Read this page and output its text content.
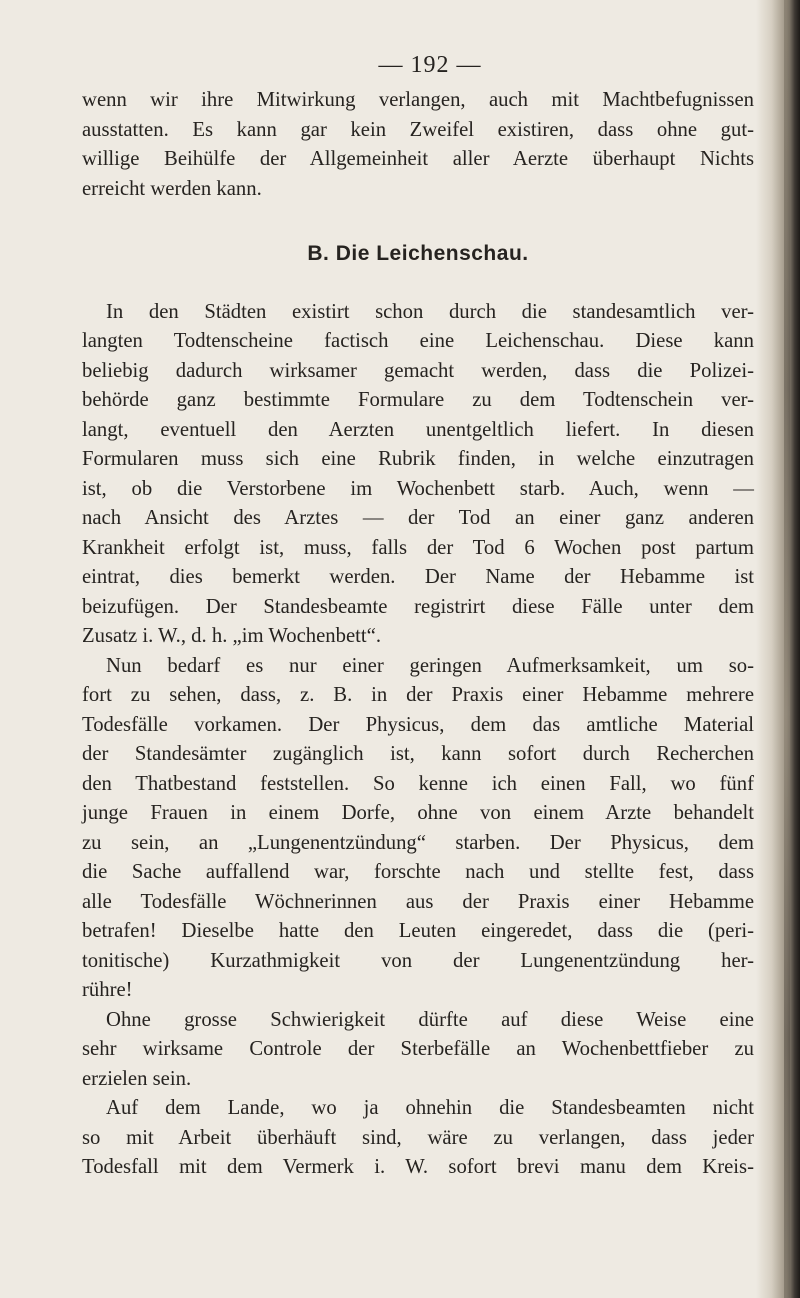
— 192 —

wenn wir ihre Mitwirkung verlangen, auch mit Machtbefugnissen

ausstatten. Es kann gar kein Zweifel existiren, dass ohne gut-

willige Beihülfe der Allgemeinheit aller Aerzte überhaupt Nichts

erreicht werden kann.

B. Die Leichenschau.

In den Städten existirt schon durch die standesamtlich ver-

langten Todtenscheine factisch eine Leichenschau. Diese kann

beliebig dadurch wirksamer gemacht werden, dass die Polizei-

behörde ganz bestimmte Formulare zu dem Todtenschein ver-

langt, eventuell den Aerzten unentgeltlich liefert. In diesen

Formularen muss sich eine Rubrik finden, in welche einzutragen

ist, ob die Verstorbene im Wochenbett starb. Auch, wenn —

nach Ansicht des Arztes — der Tod an einer ganz anderen

Krankheit erfolgt ist, muss, falls der Tod 6 Wochen post partum

eintrat, dies bemerkt werden. Der Name der Hebamme ist

beizufügen. Der Standesbeamte registrirt diese Fälle unter dem

Zusatz i. W., d. h. „im Wochenbett“.

Nun bedarf es nur einer geringen Aufmerksamkeit, um so-

fort zu sehen, dass, z. B. in der Praxis einer Hebamme mehrere

Todesfälle vorkamen. Der Physicus, dem das amtliche Material

der Standesämter zugänglich ist, kann sofort durch Recherchen

den Thatbestand feststellen. So kenne ich einen Fall, wo fünf

junge Frauen in einem Dorfe, ohne von einem Arzte behandelt

zu sein, an „Lungenentzündung“ starben. Der Physicus, dem

die Sache auffallend war, forschte nach und stellte fest, dass

alle Todesfälle Wöchnerinnen aus der Praxis einer Hebamme

betrafen! Dieselbe hatte den Leuten eingeredet, dass die (peri-

tonitische) Kurzathmigkeit von der Lungenentzündung her-

rühre!

Ohne grosse Schwierigkeit dürfte auf diese Weise eine

sehr wirksame Controle der Sterbefälle an Wochenbettfieber zu

erzielen sein.

Auf dem Lande, wo ja ohnehin die Standesbeamten nicht

so mit Arbeit überhäuft sind, wäre zu verlangen, dass jeder

Todesfall mit dem Vermerk i. W. sofort brevi manu dem Kreis-
